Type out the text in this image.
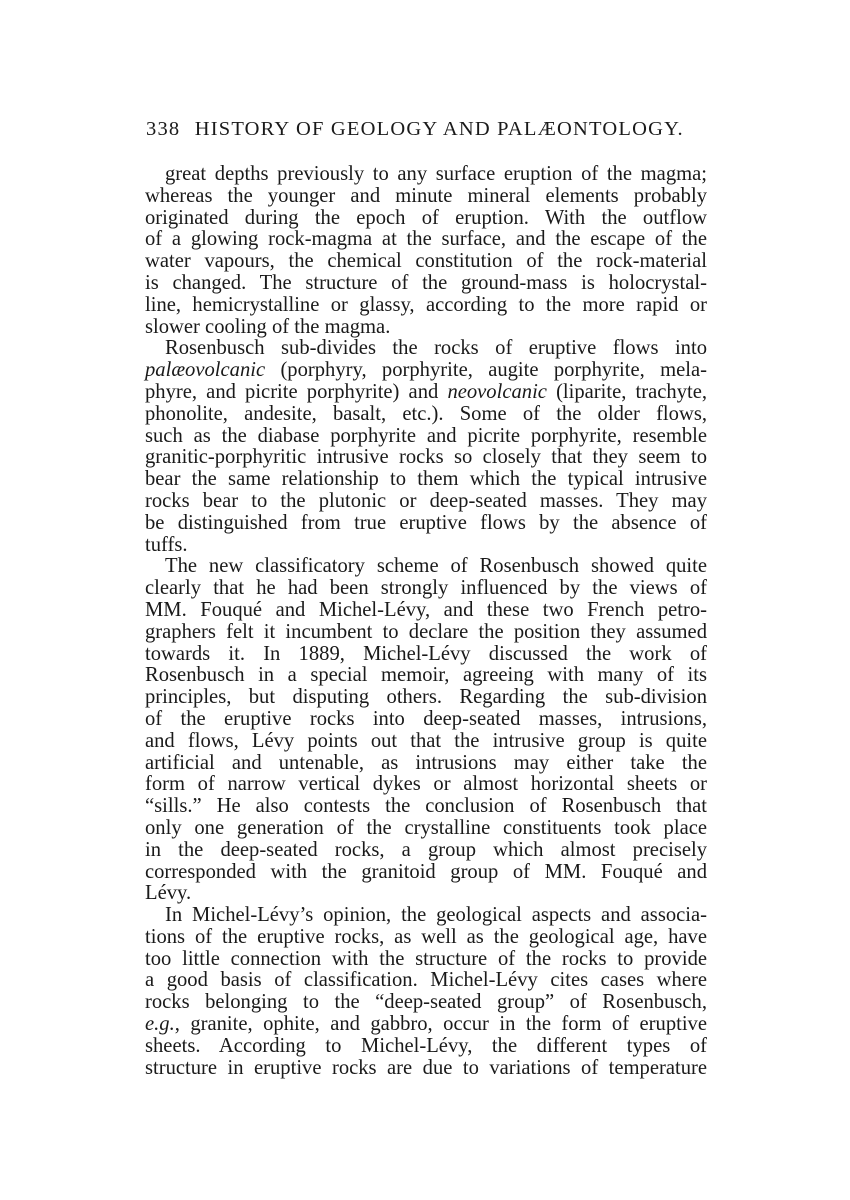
338 HISTORY OF GEOLOGY AND PALÆONTOLOGY.
great depths previously to any surface eruption of the magma;
whereas the younger and minute mineral elements probably
originated during the epoch of eruption. With the outflow
of a glowing rock-magma at the surface, and the escape of the
water vapours, the chemical constitution of the rock-material
is changed. The structure of the ground-mass is holocrystal-
line, hemicrystalline or glassy, according to the more rapid or
slower cooling of the magma.
Rosenbusch sub-divides the rocks of eruptive flows into
palæovolcanic (porphyry, porphyrite, augite porphyrite, mela-
phyre, and picrite porphyrite) and neovolcanic (liparite, trachyte,
phonolite, andesite, basalt, etc.). Some of the older flows,
such as the diabase porphyrite and picrite porphyrite, resemble
granitic-porphyritic intrusive rocks so closely that they seem to
bear the same relationship to them which the typical intrusive
rocks bear to the plutonic or deep-seated masses. They may
be distinguished from true eruptive flows by the absence of
tuffs.
The new classificatory scheme of Rosenbusch showed quite
clearly that he had been strongly influenced by the views of
MM. Fouqué and Michel-Lévy, and these two French petro-
graphers felt it incumbent to declare the position they assumed
towards it. In 1889, Michel-Lévy discussed the work of
Rosenbusch in a special memoir, agreeing with many of its
principles, but disputing others. Regarding the sub-division
of the eruptive rocks into deep-seated masses, intrusions,
and flows, Lévy points out that the intrusive group is quite
artificial and untenable, as intrusions may either take the
form of narrow vertical dykes or almost horizontal sheets or
“sills.” He also contests the conclusion of Rosenbusch that
only one generation of the crystalline constituents took place
in the deep-seated rocks, a group which almost precisely
corresponded with the granitoid group of MM. Fouqué and
Lévy.
In Michel-Lévy’s opinion, the geological aspects and associa-
tions of the eruptive rocks, as well as the geological age, have
too little connection with the structure of the rocks to provide
a good basis of classification. Michel-Lévy cites cases where
rocks belonging to the “deep-seated group” of Rosenbusch,
e.g., granite, ophite, and gabbro, occur in the form of eruptive
sheets. According to Michel-Lévy, the different types of
structure in eruptive rocks are due to variations of temperature
